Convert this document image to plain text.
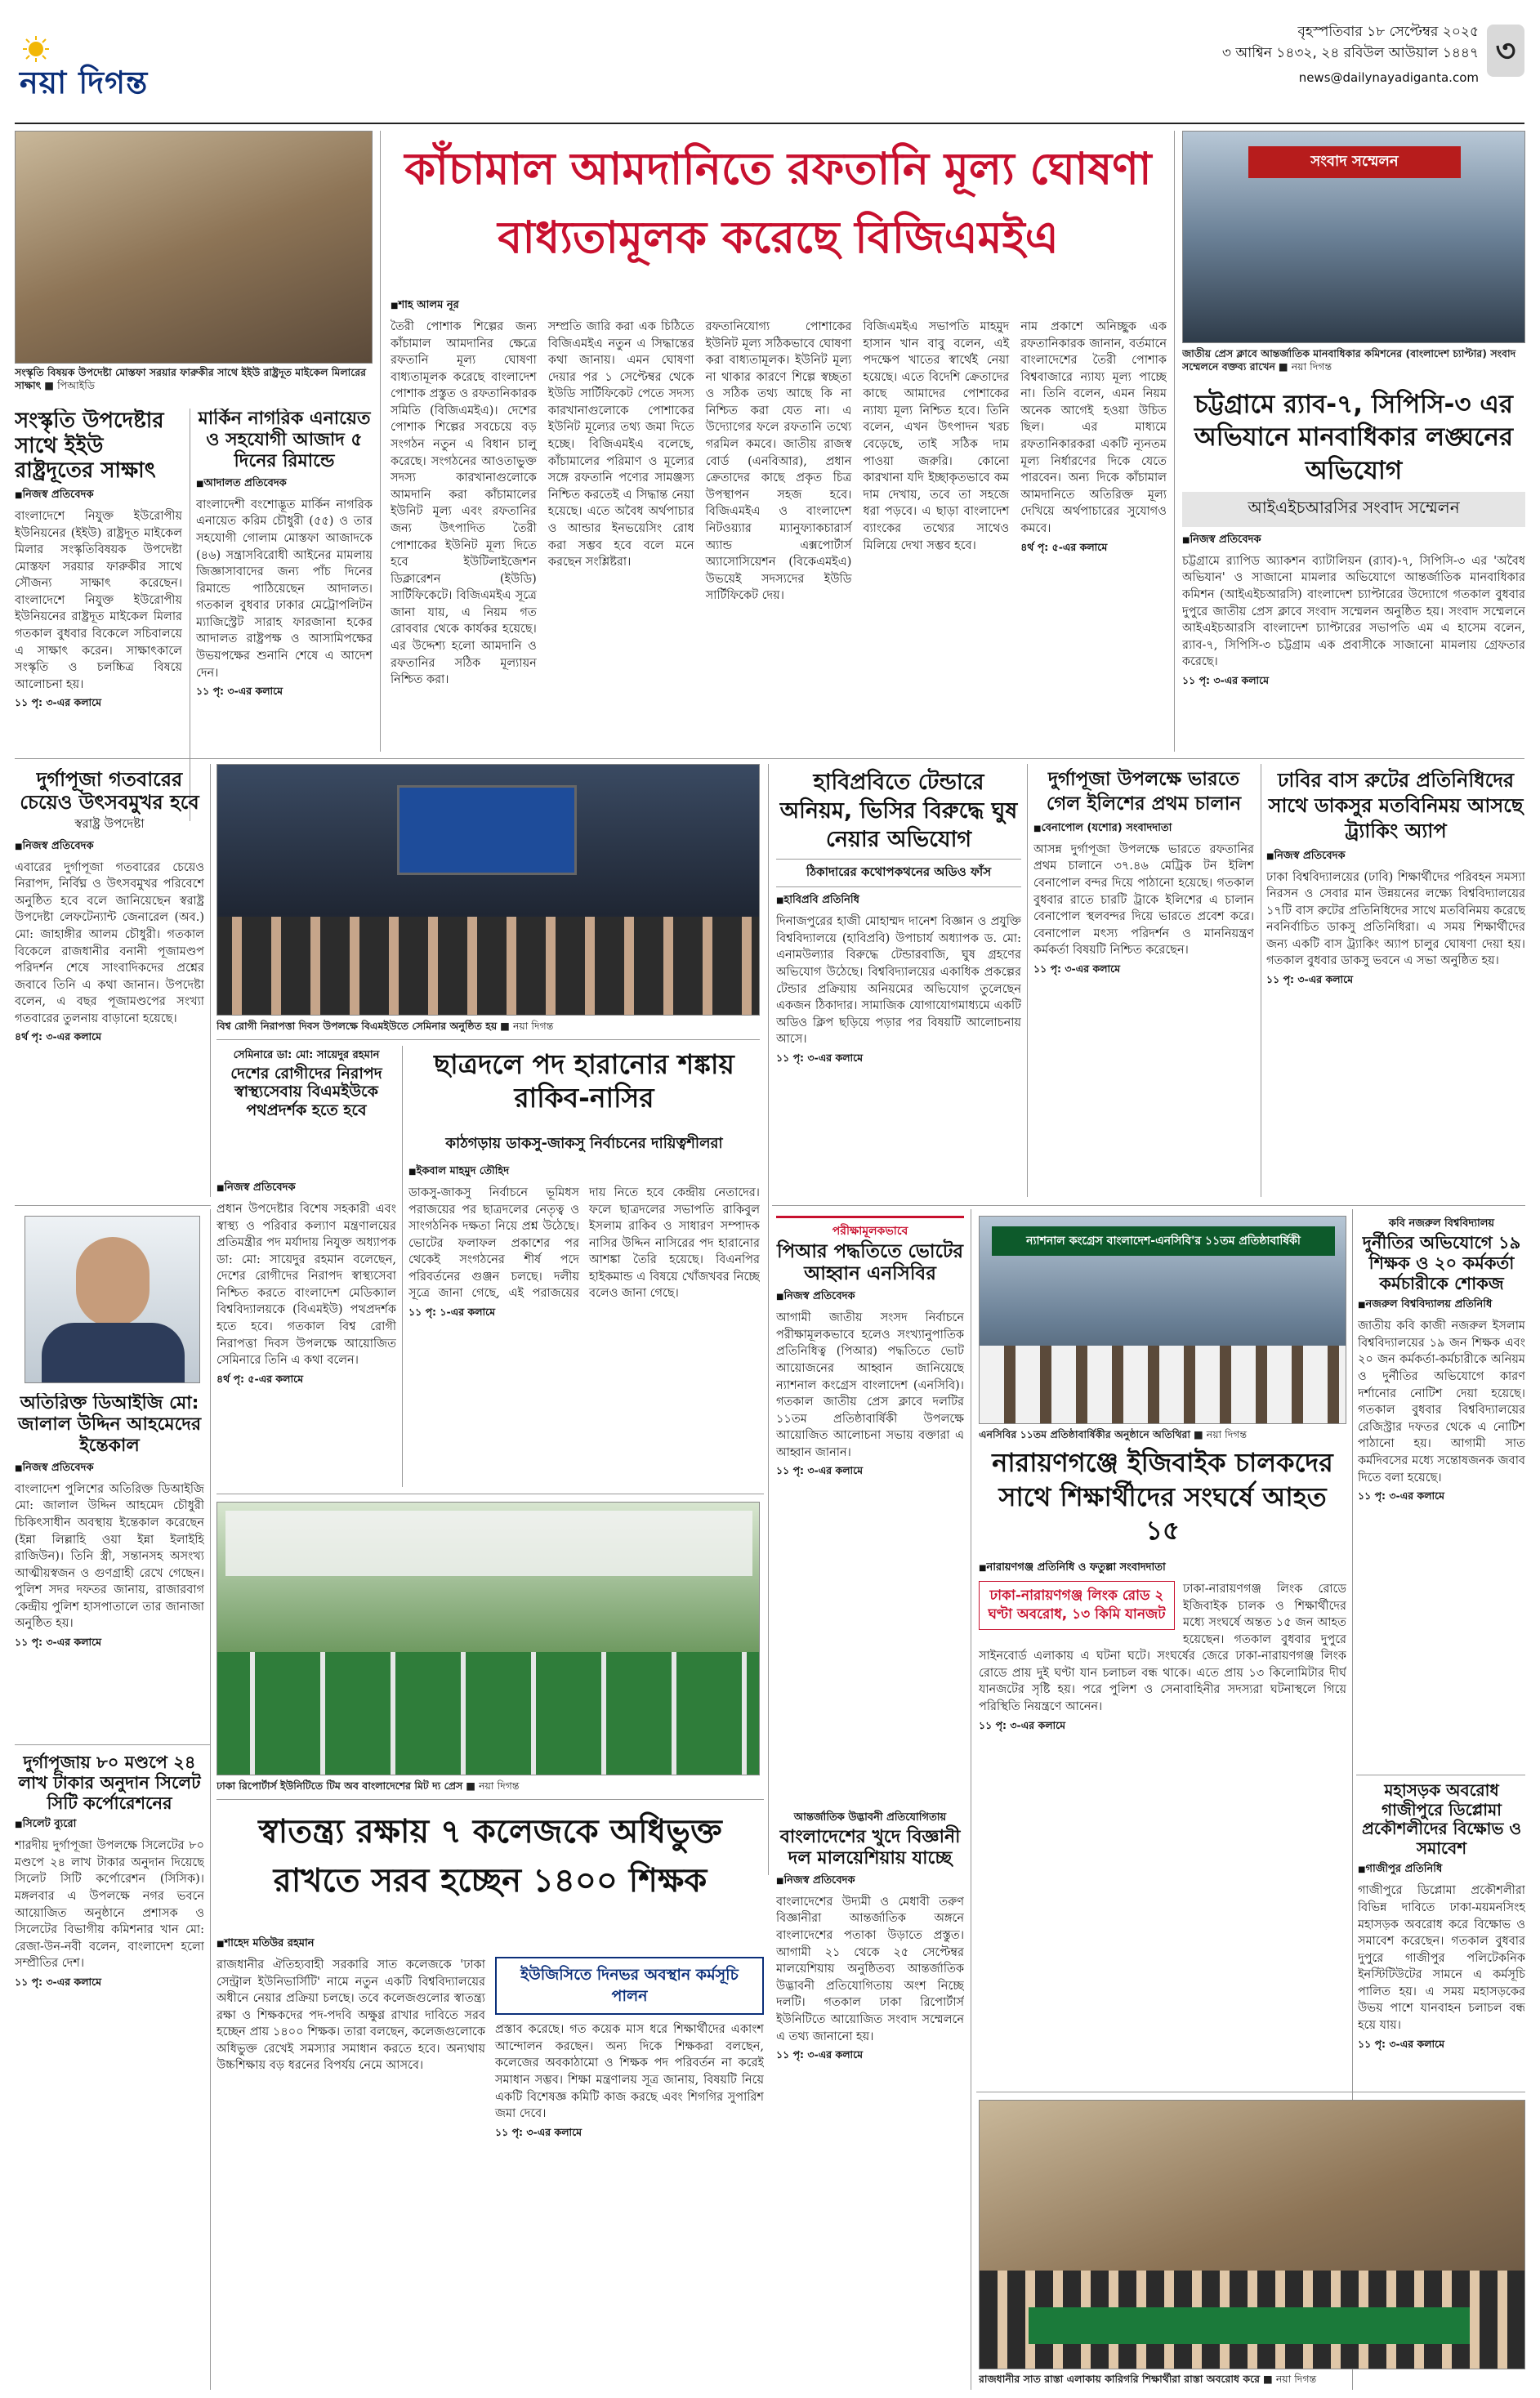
নয়া দিগন্ত
বৃহস্পতিবার ১৮ সেপ্টেম্বর ২০২৫
৩ আশ্বিন ১৪৩২, ২৪ রবিউল আউয়াল ১৪৪৭
news@dailynayadiganta.com
৩
সংস্কৃতি বিষয়ক উপদেষ্টা মোস্তফা সরয়ার ফারুকীর সাথে ইইউ রাষ্ট্রদূত মাইকেল মিলারের সাক্ষাৎ ■ পিআইডি
সংস্কৃতি উপদেষ্টার সাথে ইইউ রাষ্ট্রদূতের সাক্ষাৎ
■ নিজস্ব প্রতিবেদক
বাংলাদেশে নিযুক্ত ইউরোপীয় ইউনিয়নের (ইইউ) রাষ্ট্রদূত মাইকেল মিলার সংস্কৃতিবিষয়ক উপদেষ্টা মোস্তফা সরয়ার ফারুকীর সাথে সৌজন্য সাক্ষাৎ করেছেন। বাংলাদেশে নিযুক্ত ইউরোপীয় ইউনিয়নের রাষ্ট্রদূত মাইকেল মিলার গতকাল বুধবার বিকেলে সচিবালয়ে এ সাক্ষাৎ করেন। সাক্ষাৎকালে সংস্কৃতি ও চলচ্চিত্র বিষয়ে আলোচনা হয়।
১১ পৃ: ৩-এর কলামে
মার্কিন নাগরিক এনায়েত ও সহযোগী আজাদ ৫ দিনের রিমান্ডে
■ আদালত প্রতিবেদক
বাংলাদেশী বংশোদ্ভূত মার্কিন নাগরিক এনায়েত করিম চৌধুরী (৫৫) ও তার সহযোগী গোলাম মোস্তফা আজাদকে (৪৬) সন্ত্রাসবিরোধী আইনের মামলায় জিজ্ঞাসাবাদের জন্য পাঁচ দিনের রিমান্ডে পাঠিয়েছেন আদালত। গতকাল বুধবার ঢাকার মেট্রোপলিটন ম্যাজিস্ট্রেট সারাহ ফারজানা হকের আদালত রাষ্ট্রপক্ষ ও আসামিপক্ষের উভয়পক্ষের শুনানি শেষে এ আদেশ দেন।
১১ পৃ: ৩-এর কলামে
কাঁচামাল আমদানিতে রফতানি মূল্য ঘোষণা
বাধ্যতামূলক করেছে বিজিএমইএ
■ শাহ আলম নূর
তৈরী পোশাক শিল্পের জন্য কাঁচামাল আমদানির ক্ষেত্রে রফতানি মূল্য ঘোষণা বাধ্যতামূলক করেছে বাংলাদেশ পোশাক প্রস্তুত ও রফতানিকারক সমিতি (বিজিএমইএ)। দেশের পোশাক শিল্পের সবচেয়ে বড় সংগঠন নতুন এ বিধান চালু করেছে। সংগঠনের আওতাভুক্ত সদস্য কারখানাগুলোকে আমদানি করা কাঁচামালের ইউনিট মূল্য এবং রফতানির জন্য উৎপাদিত তৈরী পোশাকের ইউনিট মূল্য দিতে হবে ইউটিলাইজেশন ডিক্লারেশন (ইউডি) সার্টিফিকেটে। বিজিএমইএ সূত্রে জানা যায়, এ নিয়ম গত রোববার থেকে কার্যকর হয়েছে। এর উদ্দেশ্য হলো আমদানি ও রফতানির সঠিক মূল্যায়ন নিশ্চিত করা।
সম্প্রতি জারি করা এক চিঠিতে বিজিএমইএ নতুন এ সিদ্ধান্তের কথা জানায়। এমন ঘোষণা দেয়ার পর ১ সেপ্টেম্বর থেকে ইউডি সার্টিফিকেট পেতে সদস্য কারখানাগুলোকে পোশাকের ইউনিট মূল্যের তথ্য জমা দিতে হচ্ছে। বিজিএমইএ বলেছে, কাঁচামালের পরিমাণ ও মূল্যের সঙ্গে রফতানি পণ্যের সামঞ্জস্য নিশ্চিত করতেই এ সিদ্ধান্ত নেয়া হয়েছে। এতে অবৈধ অর্থপাচার ও আন্ডার ইনভয়েসিং রোধ করা সম্ভব হবে বলে মনে করছেন সংশ্লিষ্টরা।
রফতানিযোগ্য পোশাকের ইউনিট মূল্য সঠিকভাবে ঘোষণা করা বাধ্যতামূলক। ইউনিট মূল্য না থাকার কারণে শিল্পে স্বচ্ছতা ও সঠিক তথ্য আছে কি না নিশ্চিত করা যেত না। এ উদ্যোগের ফলে রফতানি তথ্যে গরমিল কমবে। জাতীয় রাজস্ব বোর্ড (এনবিআর), প্রধান ক্রেতাদের কাছে প্রকৃত চিত্র উপস্থাপন সহজ হবে। বিজিএমইএ ও বাংলাদেশ নিটওয়্যার ম্যানুফ্যাকচারার্স অ্যান্ড এক্সপোর্টার্স অ্যাসোসিয়েশন (বিকেএমইএ) উভয়েই সদস্যদের ইউডি সার্টিফিকেট দেয়।
বিজিএমইএ সভাপতি মাহমুদ হাসান খান বাবু বলেন, এই পদক্ষেপ খাতের স্বার্থেই নেয়া হয়েছে। এতে বিদেশি ক্রেতাদের কাছে আমাদের পোশাকের ন্যায্য মূল্য নিশ্চিত হবে। তিনি বলেন, এখন উৎপাদন খরচ বেড়েছে, তাই সঠিক দাম পাওয়া জরুরি। কোনো কারখানা যদি ইচ্ছাকৃতভাবে কম দাম দেখায়, তবে তা সহজে ধরা পড়বে। এ ছাড়া বাংলাদেশ ব্যাংকের তথ্যের সাথেও মিলিয়ে দেখা সম্ভব হবে।
নাম প্রকাশে অনিচ্ছুক এক রফতানিকারক জানান, বর্তমানে বাংলাদেশের তৈরী পোশাক বিশ্ববাজারে ন্যায্য মূল্য পাচ্ছে না। তিনি বলেন, এমন নিয়ম অনেক আগেই হওয়া উচিত ছিল। এর মাধ্যমে রফতানিকারকরা একটি ন্যূনতম মূল্য নির্ধারণের দিকে যেতে পারবেন। অন্য দিকে কাঁচামাল আমদানিতে অতিরিক্ত মূল্য দেখিয়ে অর্থপাচারের সুযোগও কমবে।
৪র্থ পৃ: ৫-এর কলামে
সংবাদ সম্মেলন
জাতীয় প্রেস ক্লাবে আন্তর্জাতিক মানবাধিকার কমিশনের (বাংলাদেশ চ্যাপ্টার) সংবাদ সম্মেলনে বক্তব্য রাখেন ■ নয়া দিগন্ত
চট্টগ্রামে র‍্যাব-৭, সিপিসি-৩ এর অভিযানে মানবাধিকার লঙ্ঘনের অভিযোগ
আইএইচআরসির সংবাদ সম্মেলন
■ নিজস্ব প্রতিবেদক
চট্টগ্রামে র‍্যাপিড অ্যাকশন ব্যাটালিয়ন (র‍্যাব)-৭, সিপিসি-৩ এর 'অবৈধ অভিযান' ও সাজানো মামলার অভিযোগে আন্তর্জাতিক মানবাধিকার কমিশন (আইএইচআরসি) বাংলাদেশ চ্যাপ্টারের উদ্যোগে গতকাল বুধবার দুপুরে জাতীয় প্রেস ক্লাবে সংবাদ সম্মেলন অনুষ্ঠিত হয়। সংবাদ সম্মেলনে আইএইচআরসি বাংলাদেশ চ্যাপ্টারের সভাপতি এম এ হাসেম বলেন, র‍্যাব-৭, সিপিসি-৩ চট্টগ্রাম এক প্রবাসীকে সাজানো মামলায় গ্রেফতার করেছে।
১১ পৃ: ৩-এর কলামে
দুর্গাপূজা গতবারের চেয়েও উৎসবমুখর হবে
স্বরাষ্ট্র উপদেষ্টা
■ নিজস্ব প্রতিবেদক
এবারের দুর্গাপূজা গতবারের চেয়েও নিরাপদ, নির্বিঘ্ন ও উৎসবমুখর পরিবেশে অনুষ্ঠিত হবে বলে জানিয়েছেন স্বরাষ্ট্র উপদেষ্টা লেফটেন্যান্ট জেনারেল (অব.) মো: জাহাঙ্গীর আলম চৌধুরী। গতকাল বিকেলে রাজধানীর বনানী পূজামণ্ডপ পরিদর্শন শেষে সাংবাদিকদের প্রশ্নের জবাবে তিনি এ কথা জানান। উপদেষ্টা বলেন, এ বছর পূজামণ্ডপের সংখ্যা গতবারের তুলনায় বাড়ানো হয়েছে।
৪র্থ পৃ: ৩-এর কলামে
বিশ্ব রোগী নিরাপত্তা দিবস উপলক্ষে বিএমইউতে সেমিনার অনুষ্ঠিত হয় ■ নয়া দিগন্ত
সেমিনারে ডা: মো: সায়েদুর রহমান
দেশের রোগীদের নিরাপদ স্বাস্থ্যসেবায় বিএমইউকে পথপ্রদর্শক হতে হবে
■ নিজস্ব প্রতিবেদক
প্রধান উপদেষ্টার বিশেষ সহকারী এবং স্বাস্থ্য ও পরিবার কল্যাণ মন্ত্রণালয়ের প্রতিমন্ত্রীর পদ মর্যাদায় নিযুক্ত অধ্যাপক ডা: মো: সায়েদুর রহমান বলেছেন, দেশের রোগীদের নিরাপদ স্বাস্থ্যসেবা নিশ্চিত করতে বাংলাদেশ মেডিক্যাল বিশ্ববিদ্যালয়কে (বিএমইউ) পথপ্রদর্শক হতে হবে। গতকাল বিশ্ব রোগী নিরাপত্তা দিবস উপলক্ষে আয়োজিত সেমিনারে তিনি এ কথা বলেন।
৪র্থ পৃ: ৫-এর কলামে
ছাত্রদলে পদ হারানোর শঙ্কায় রাকিব-নাসির
কাঠগড়ায় ডাকসু-জাকসু নির্বাচনের দায়িত্বশীলরা
■ ইকবাল মাহমুদ তৌহিদ
ডাকসু-জাকসু নির্বাচনে ভূমিধস পরাজয়ের পর ছাত্রদলের নেতৃত্ব ও সাংগঠনিক দক্ষতা নিয়ে প্রশ্ন উঠেছে। ভোটের ফলাফল প্রকাশের পর থেকেই সংগঠনের শীর্ষ পদে পরিবর্তনের গুঞ্জন চলছে। দলীয় সূত্রে জানা গেছে, এই পরাজয়ের দায় নিতে হবে কেন্দ্রীয় নেতাদের। ফলে ছাত্রদলের সভাপতি রাকিবুল ইসলাম রাকিব ও সাধারণ সম্পাদক নাসির উদ্দিন নাসিরের পদ হারানোর আশঙ্কা তৈরি হয়েছে। বিএনপির হাইকমান্ড এ বিষয়ে খোঁজখবর নিচ্ছে বলেও জানা গেছে।
১১ পৃ: ১-এর কলামে
হাবিপ্রবিতে টেন্ডারে অনিয়ম, ভিসির বিরুদ্ধে ঘুষ নেয়ার অভিযোগ
ঠিকাদারের কথোপকথনের অডিও ফাঁস
■ হাবিপ্রবি প্রতিনিধি
দিনাজপুরের হাজী মোহাম্মদ দানেশ বিজ্ঞান ও প্রযুক্তি বিশ্ববিদ্যালয়ে (হাবিপ্রবি) উপাচার্য অধ্যাপক ড. মো: এনামউল্যার বিরুদ্ধে টেন্ডারবাজি, ঘুষ গ্রহণের অভিযোগ উঠেছে। বিশ্ববিদ্যালয়ের একাধিক প্রকল্পের টেন্ডার প্রক্রিয়ায় অনিয়মের অভিযোগ তুলেছেন একজন ঠিকাদার। সামাজিক যোগাযোগমাধ্যমে একটি অডিও ক্লিপ ছড়িয়ে পড়ার পর বিষয়টি আলোচনায় আসে।
১১ পৃ: ৩-এর কলামে
দুর্গাপূজা উপলক্ষে ভারতে গেল ইলিশের প্রথম চালান
■ বেনাপোল (যশোর) সংবাদদাতা
আসন্ন দুর্গাপূজা উপলক্ষে ভারতে রফতানির প্রথম চালানে ৩৭.৪৬ মেট্রিক টন ইলিশ বেনাপোল বন্দর দিয়ে পাঠানো হয়েছে। গতকাল বুধবার রাতে চারটি ট্রাকে ইলিশের এ চালান বেনাপোল স্থলবন্দর দিয়ে ভারতে প্রবেশ করে। বেনাপোল মৎস্য পরিদর্শন ও মাননিয়ন্ত্রণ কর্মকর্তা বিষয়টি নিশ্চিত করেছেন।
১১ পৃ: ৩-এর কলামে
ঢাবির বাস রুটের প্রতিনিধিদের সাথে ডাকসুর মতবিনিময় আসছে ট্র্যাকিং অ্যাপ
■ নিজস্ব প্রতিবেদক
ঢাকা বিশ্ববিদ্যালয়ের (ঢাবি) শিক্ষার্থীদের পরিবহন সমস্যা নিরসন ও সেবার মান উন্নয়নের লক্ষ্যে বিশ্ববিদ্যালয়ের ১৭টি বাস রুটের প্রতিনিধিদের সাথে মতবিনিময় করেছে নবনির্বাচিত ডাকসু প্রতিনিধিরা। এ সময় শিক্ষার্থীদের জন্য একটি বাস ট্র্যাকিং অ্যাপ চালুর ঘোষণা দেয়া হয়। গতকাল বুধবার ডাকসু ভবনে এ সভা অনুষ্ঠিত হয়।
১১ পৃ: ৩-এর কলামে
অতিরিক্ত ডিআইজি মো: জালাল উদ্দিন আহমেদের ইন্তেকাল
■ নিজস্ব প্রতিবেদক
বাংলাদেশ পুলিশের অতিরিক্ত ডিআইজি মো: জালাল উদ্দিন আহমেদ চৌধুরী চিকিৎসাধীন অবস্থায় ইন্তেকাল করেছেন (ইন্না লিল্লাহি ওয়া ইন্না ইলাইহি রাজিউন)। তিনি স্ত্রী, সন্তানসহ অসংখ্য আত্মীয়স্বজন ও গুণগ্রাহী রেখে গেছেন। পুলিশ সদর দফতর জানায়, রাজারবাগ কেন্দ্রীয় পুলিশ হাসপাতালে তার জানাজা অনুষ্ঠিত হয়।
১১ পৃ: ৩-এর কলামে
দুর্গাপূজায় ৮০ মণ্ডপে ২৪ লাখ টাকার অনুদান সিলেট সিটি কর্পোরেশনের
■ সিলেট ব্যুরো
শারদীয় দুর্গাপূজা উপলক্ষে সিলেটের ৮০ মণ্ডপে ২৪ লাখ টাকার অনুদান দিয়েছে সিলেট সিটি কর্পোরেশন (সিসিক)। মঙ্গলবার এ উপলক্ষে নগর ভবনে আয়োজিত অনুষ্ঠানে প্রশাসক ও সিলেটের বিভাগীয় কমিশনার খান মো: রেজা-উন-নবী বলেন, বাংলাদেশ হলো সম্প্রীতির দেশ।
১১ পৃ: ৩-এর কলামে
ঢাকা রিপোর্টার্স ইউনিটিতে টিম অব বাংলাদেশের মিট দ্য প্রেস ■ নয়া দিগন্ত
পরীক্ষামূলকভাবে
পিআর পদ্ধতিতে ভোটের আহ্বান এনসিবির
■ নিজস্ব প্রতিবেদক
আগামী জাতীয় সংসদ নির্বাচনে পরীক্ষামূলকভাবে হলেও সংখ্যানুপাতিক প্রতিনিধিত্ব (পিআর) পদ্ধতিতে ভোট আয়োজনের আহ্বান জানিয়েছে ন্যাশনাল কংগ্রেস বাংলাদেশ (এনসিবি)। গতকাল জাতীয় প্রেস ক্লাবে দলটির ১১তম প্রতিষ্ঠাবার্ষিকী উপলক্ষে আয়োজিত আলোচনা সভায় বক্তারা এ আহ্বান জানান।
১১ পৃ: ৩-এর কলামে
ন্যাশনাল কংগ্রেস বাংলাদেশ-এনসিবি'র ১১তম প্রতিষ্ঠাবার্ষিকী
এনসিবির ১১তম প্রতিষ্ঠাবার্ষিকীর অনুষ্ঠানে অতিথিরা ■ নয়া দিগন্ত
নারায়ণগঞ্জে ইজিবাইক চালকদের সাথে শিক্ষার্থীদের সংঘর্ষে আহত ১৫
■ নারায়ণগঞ্জ প্রতিনিধি ও ফতুল্লা সংবাদদাতা
ঢাকা-নারায়ণগঞ্জ লিংক রোড ২ ঘণ্টা অবরোধ, ১৩ কিমি যানজট
ঢাকা-নারায়ণগঞ্জ লিংক রোডে ইজিবাইক চালক ও শিক্ষার্থীদের মধ্যে সংঘর্ষে অন্তত ১৫ জন আহত হয়েছেন। গতকাল বুধবার দুপুরে সাইনবোর্ড এলাকায় এ ঘটনা ঘটে। সংঘর্ষের জেরে ঢাকা-নারায়ণগঞ্জ লিংক রোডে প্রায় দুই ঘণ্টা যান চলাচল বন্ধ থাকে। এতে প্রায় ১৩ কিলোমিটার দীর্ঘ যানজটের সৃষ্টি হয়। পরে পুলিশ ও সেনাবাহিনীর সদস্যরা ঘটনাস্থলে গিয়ে পরিস্থিতি নিয়ন্ত্রণে আনেন।
১১ পৃ: ৩-এর কলামে
কবি নজরুল বিশ্ববিদ্যালয়
দুর্নীতির অভিযোগে ১৯ শিক্ষক ও ২০ কর্মকর্তা কর্মচারীকে শোকজ
■ নজরুল বিশ্ববিদ্যালয় প্রতিনিধি
জাতীয় কবি কাজী নজরুল ইসলাম বিশ্ববিদ্যালয়ের ১৯ জন শিক্ষক এবং ২০ জন কর্মকর্তা-কর্মচারীকে অনিয়ম ও দুর্নীতির অভিযোগে কারণ দর্শানোর নোটিশ দেয়া হয়েছে। গতকাল বুধবার বিশ্ববিদ্যালয়ের রেজিস্ট্রার দফতর থেকে এ নোটিশ পাঠানো হয়। আগামী সাত কর্মদিবসের মধ্যে সন্তোষজনক জবাব দিতে বলা হয়েছে।
১১ পৃ: ৩-এর কলামে
মহাসড়ক অবরোধ গাজীপুরে ডিপ্লোমা প্রকৌশলীদের বিক্ষোভ ও সমাবেশ
■ গাজীপুর প্রতিনিধি
গাজীপুরে ডিপ্লোমা প্রকৌশলীরা বিভিন্ন দাবিতে ঢাকা-ময়মনসিংহ মহাসড়ক অবরোধ করে বিক্ষোভ ও সমাবেশ করেছেন। গতকাল বুধবার দুপুরে গাজীপুর পলিটেকনিক ইনস্টিটিউটের সামনে এ কর্মসূচি পালিত হয়। এ সময় মহাসড়কের উভয় পাশে যানবাহন চলাচল বন্ধ হয়ে যায়।
১১ পৃ: ৩-এর কলামে
আন্তর্জাতিক উদ্ভাবনী প্রতিযোগিতায়
বাংলাদেশের খুদে বিজ্ঞানী দল মালয়েশিয়ায় যাচ্ছে
■ নিজস্ব প্রতিবেদক
বাংলাদেশের উদ্যমী ও মেধাবী তরুণ বিজ্ঞানীরা আন্তর্জাতিক অঙ্গনে বাংলাদেশের পতাকা উড়াতে প্রস্তুত। আগামী ২১ থেকে ২৫ সেপ্টেম্বর মালয়েশিয়ায় অনুষ্ঠিতব্য আন্তর্জাতিক উদ্ভাবনী প্রতিযোগিতায় অংশ নিচ্ছে দলটি। গতকাল ঢাকা রিপোর্টার্স ইউনিটিতে আয়োজিত সংবাদ সম্মেলনে এ তথ্য জানানো হয়।
১১ পৃ: ৩-এর কলামে
রাজধানীর সাত রাস্তা এলাকায় কারিগরি শিক্ষার্থীরা রাস্তা অবরোধ করে ■ নয়া দিগন্ত
স্বাতন্ত্র্য রক্ষায় ৭ কলেজকে অধিভুক্ত রাখতে সরব হচ্ছেন ১৪০০ শিক্ষক
■ শাহেদ মতিউর রহমান
রাজধানীর ঐতিহ্যবাহী সরকারি সাত কলেজকে 'ঢাকা সেন্ট্রাল ইউনিভার্সিটি' নামে নতুন একটি বিশ্ববিদ্যালয়ের অধীনে নেয়ার প্রক্রিয়া চলছে। তবে কলেজগুলোর স্বাতন্ত্র্য রক্ষা ও শিক্ষকদের পদ-পদবি অক্ষুণ্ণ রাখার দাবিতে সরব হচ্ছেন প্রায় ১৪০০ শিক্ষক। তারা বলছেন, কলেজগুলোকে অধিভুক্ত রেখেই সমস্যার সমাধান করতে হবে। অন্যথায় উচ্চশিক্ষায় বড় ধরনের বিপর্যয় নেমে আসবে।
ইউজিসিতে দিনভর অবস্থান কর্মসূচি পালন
প্রস্তাব করেছে। গত কয়েক মাস ধরে শিক্ষার্থীদের একাংশ আন্দোলন করছেন। অন্য দিকে শিক্ষকরা বলছেন, কলেজের অবকাঠামো ও শিক্ষক পদ পরিবর্তন না করেই সমাধান সম্ভব। শিক্ষা মন্ত্রণালয় সূত্র জানায়, বিষয়টি নিয়ে একটি বিশেষজ্ঞ কমিটি কাজ করছে এবং শিগগির সুপারিশ জমা দেবে।
১১ পৃ: ৩-এর কলামে
